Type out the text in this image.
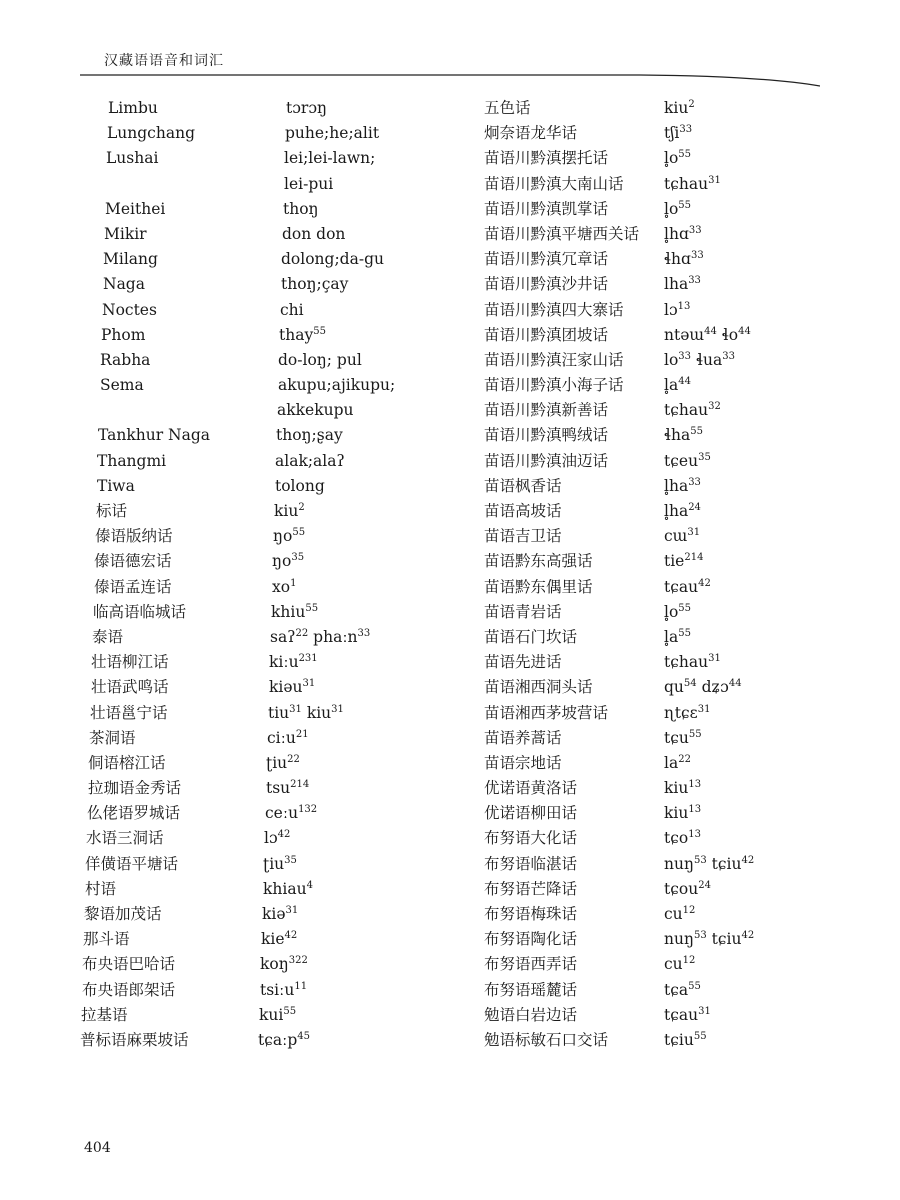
汉藏语语音和词汇
Limbu	tɔrɔŋ
Lungchang	puhe;he;alit
Lushai	lei;lei-lawn;
lei-pui
Meithei	thoŋ
Mikir	don don
Milang	dolong;da-gu
Naga	thoŋ;ҫay
Noctes	chi
Phom	thay$^{55}$
Rabha	do-loŋ; pul
Sema	akupu;ajikupu;
akkekupu
Tankhur Naga	thoŋ;ʂay
Thangmi	alak;alaʔ
Tiwa	tolong
标话	kiu$^2$
傣语版纳话	$ŋo^{55}$
傣语德宏话	$ŋo^{35}$
傣语孟连话	$xo^1$
临高语临城话	khiu$^{55}$
泰语	saʔ$^{22}$ phaːn$^{33}$
壮语柳江话	kiːu$^{231}$
壮语武鸣话	kiəu$^{31}$
壮语邕宁话	tiu$^{31}$ kiu$^{31}$
茶洞语	ciːu$^{21}$
侗语榕江话	ʈiu$^{22}$
拉珈语金秀话	tsu$^{214}$
仫佬语罗城话	ceːu$^{132}$
水语三洞话	lɔ$^{42}$
佯僙语平塘话	ʈiu$^{35}$
村语	khiau$^4$
黎语加茂话	kiə$^{31}$
那斗语	kie$^{42}$
布央语巴哈话	koŋ$^{322}$
布央语郎架话	tsiːu$^{11}$
拉基语	kui$^{55}$
普标语麻栗坡话	tɕaːp$^{45}$
五色话	kiu$^2$
炯奈语龙华话	tʃi$^{33}$
苗语川黔滇摆托话	$l̥o^{55}$
苗语川黔滇大南山话	tɕhau$^{31}$
苗语川黔滇凯掌话	$l̥o^{55}$
苗语川黔滇平塘西关话 l̥hɑ$^{33}$
苗语川黔滇冗章话	ɬhɑ$^{33}$
苗语川黔滇沙井话	lha$^{33}$
苗语川黔滇四大寨话	lɔ$^{13}$
苗语川黔滇团坡话	ntəɯ$^{44}$ ɬo$^{44}$
苗语川黔滇汪家山话	$lo^{33}$ ɬua$^{33}$
苗语川黔滇小海子话	$l̥a^{44}$
苗语川黔滇新善话	tɕhau$^{32}$
苗语川黔滇鸭绒话	ɬha$^{55}$
苗语川黔滇油迈话	tɕeu$^{35}$
苗语枫香话	$l̥ha^{33}$
苗语高坡话	$l̥ha^{24}$
苗语吉卫话	cɯ$^{31}$
苗语黔东高强话	tie$^{214}$
苗语黔东偶里话	tɕau$^{42}$
苗语青岩话	$l̥o^{55}$
苗语石门坎话	$l̥a^{55}$
苗语先进话	tɕhau$^{31}$
苗语湘西洞头话	$qu^{54}$ dʑɔ$^{44}$
苗语湘西茅坡营话	ɳtɕɛ$^{31}$
苗语养蒿话	tɕu$^{55}$
苗语宗地话	$la^{22}$
优诺语黄洛话	kiu$^{13}$
优诺语柳田话	kiu$^{13}$
布努语大化话	tɕo$^{13}$
布努语临湛话	nuŋ$^{53}$ tɕiu$^{42}$
布努语芒降话	tɕou$^{24}$
布努语梅珠话	$cu^{12}$
布努语陶化话	nuŋ$^{53}$ tɕiu$^{42}$
布努语西弄话	$cu^{12}$
布努语瑶麓话	tɕa$^{55}$
勉语白岩边话	tɕau$^{31}$
勉语标敏石口交话	tɕiu$^{55}$
404
